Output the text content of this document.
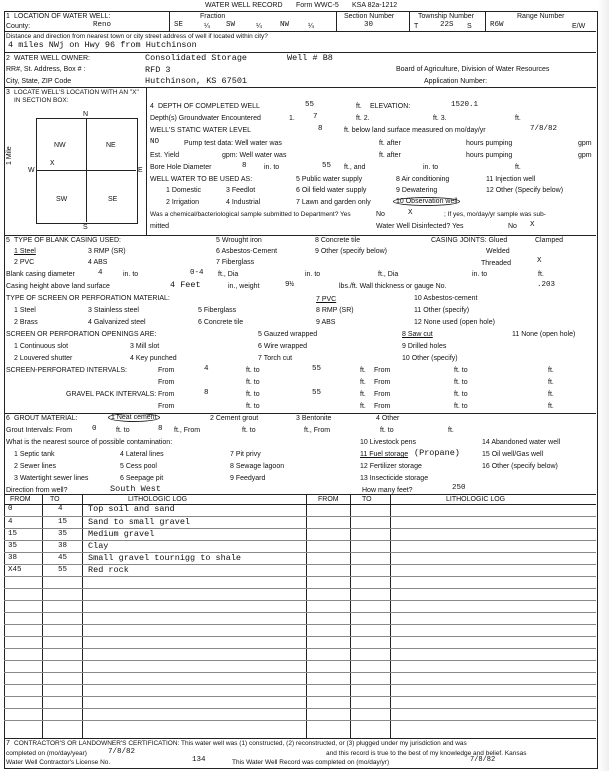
WATER WELL RECORD Form WWC-5 KSA 82a-1212
1 LOCATION OF WATER WELL:
County:	Reno
Fraction
SE	¼ SW	¼ NW	¼
Section Number
30
Township Number
T	22S S
Range Number
R6W	E/W
Distance and direction from nearest town or city street address of well if located within city?
4 miles NWj on Hwy 96 from Hutchinson
2 WATER WELL OWNER:	Consolidated Storage	Well # B8
RR#, St. Address, Box # :	RFD 3	Board of Agriculture, Division of Water Resources
City, State, ZIP Code	Hutchinson, KS 67501	Application Number:
3 LOCATE WELL'S LOCATION WITH AN "X" IN SECTION BOX:
N
S
W	E
NW	NE
SW	SE
X
1 Mile
4 DEPTH OF COMPLETED WELL	55	ft. ELEVATION:	1520.1
Depth(s) Groundwater Encountered	1. 7	ft. 2.	ft. 3.	ft.
WELL'S STATIC WATER LEVEL	8	ft. below land surface measured on mo/day/yr	7/8/82
NO	Pump test data: Well water was	ft. after	hours pumping	gpm
Est. Yield	gpm: Well water was	ft. after	hours pumping	gpm
Bore Hole Diameter	8 in. to	55 ft., and	in. to	ft.
WELL WATER TO BE USED AS:
1 Domestic
2 Irrigation
3 Feedlot
4 Industrial
5 Public water supply
6 Oil field water supply
7 Lawn and garden only
8 Air conditioning
9 Dewatering
10 Observation well
11 Injection well
12 Other (Specify below)
Was a chemical/bacteriological sample submitted to Department? Yes	No	X	; If yes, mo/day/yr sample was sub-
mitted	Water Well Disinfected? Yes	No X
5 TYPE OF BLANK CASING USED:
1 Steel
2 PVC
3 RMP (SR)
4 ABS
5 Wrought iron
6 Asbestos-Cement
7 Fiberglass
8 Concrete tile
9 Other (specify below)
CASING JOINTS: Glued	Clamped
Welded
Threaded	X
Blank casing diameter	4	in. to	0-4 ft., Dia	in. to	ft., Dia	in. to	ft.
Casing height above land surface	4 Feet	in., weight	9½	lbs./ft. Wall thickness or gauge No.	.203
TYPE OF SCREEN OR PERFORATION MATERIAL:
1 Steel
2 Brass
3 Stainless steel
4 Galvanized steel
5 Fiberglass
6 Concrete tile
7 PVC
8 RMP (SR)
9 ABS
10 Asbestos-cement
11 Other (specify)
12 None used (open hole)
SCREEN OR PERFORATION OPENINGS ARE:
1 Continuous slot
2 Louvered shutter
3 Mill slot
4 Key punched
5 Gauzed wrapped
6 Wire wrapped
7 Torch cut
8 Saw cut
9 Drilled holes
10 Other (specify)
11 None (open hole)
SCREEN-PERFORATED INTERVALS:	From	4	ft. to	55	ft. From	ft. to	ft.
From	ft. to	ft. From	ft. to	ft.
GRAVEL PACK INTERVALS: From	8	ft. to	55	ft. From	ft. to	ft.
From	ft. to	ft. From	ft. to	ft.
6 GROUT MATERIAL:	1 Neat cement	2 Cement grout	3 Bentonite	4 Other
Grout Intervals: From	0	ft. to	8 ft., From	ft. to	ft., From	ft. to	ft.
What is the nearest source of possible contamination:
1 Septic tank
2 Sewer lines
3 Watertight sewer lines
4 Lateral lines
5 Cess pool
6 Seepage pit
7 Pit privy
8 Sewage lagoon
9 Feedyard
10 Livestock pens
11 Fuel storage (Propane)
12 Fertilizer storage
13 Insecticide storage
14 Abandoned water well
15 Oil well/Gas well
16 Other (specify below)
Direction from well?	South West	How many feet?	250
FROM	TO	LITHOLOGIC LOG	FROM	TO	LITHOLOGIC LOG
0	4	Top soil and sand
4	15 Sand to small gravel
15	35 Medium gravel
35	38 Clay
38	45 Small gravel tournigg to shale
X45	55 Red rock
7 CONTRACTOR'S OR LANDOWNER'S CERTIFICATION: This water well was (1) constructed, (2) reconstructed, or (3) plugged under my jurisdiction and was
completed on (mo/day/year)	7/8/82	and this record is true to the best of my knowledge and belief. Kansas
Water Well Contractor's License No.	134	This Water Well Record was completed on (mo/day/yr)	7/8/82
